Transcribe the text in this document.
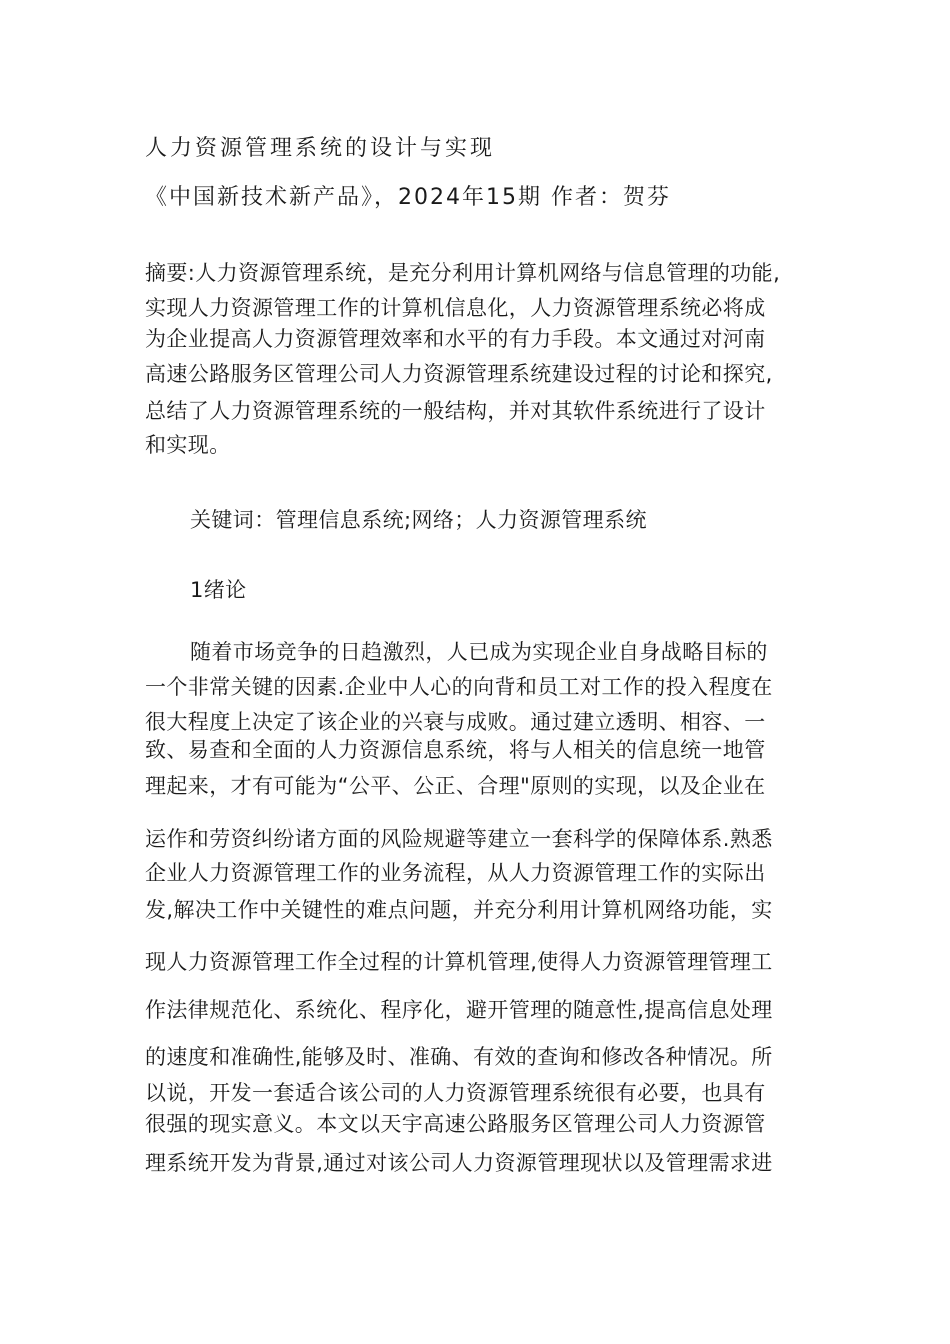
人力资源管理系统的设计与实现
《中国新技术新产品》，2024年15期 作者：贺芬
摘要:人力资源管理系统，是充分利用计算机网络与信息管理的功能,
实现人力资源管理工作的计算机信息化，人力资源管理系统必将成
为企业提高人力资源管理效率和水平的有力手段。本文通过对河南
高速公路服务区管理公司人力资源管理系统建设过程的讨论和探究,
总结了人力资源管理系统的一般结构，并对其软件系统进行了设计
和实现。
关键词：管理信息系统;网络；人力资源管理系统
1绪论
随着市场竞争的日趋激烈，人已成为实现企业自身战略目标的
一个非常关键的因素.企业中人心的向背和员工对工作的投入程度在
很大程度上决定了该企业的兴衰与成败。通过建立透明、相容、一
致、易查和全面的人力资源信息系统，将与人相关的信息统一地管
理起来，才有可能为“公平、公正、合理"原则的实现，以及企业在
运作和劳资纠纷诸方面的风险规避等建立一套科学的保障体系.熟悉
企业人力资源管理工作的业务流程，从人力资源管理工作的实际出
发,解决工作中关键性的难点问题，并充分利用计算机网络功能，实
现人力资源管理工作全过程的计算机管理,使得人力资源管理管理工
作法律规范化、系统化、程序化，避开管理的随意性,提高信息处理
的速度和准确性,能够及时、准确、有效的查询和修改各种情况。所
以说，开发一套适合该公司的人力资源管理系统很有必要，也具有
很强的现实意义。本文以天宇高速公路服务区管理公司人力资源管
理系统开发为背景,通过对该公司人力资源管理现状以及管理需求进
